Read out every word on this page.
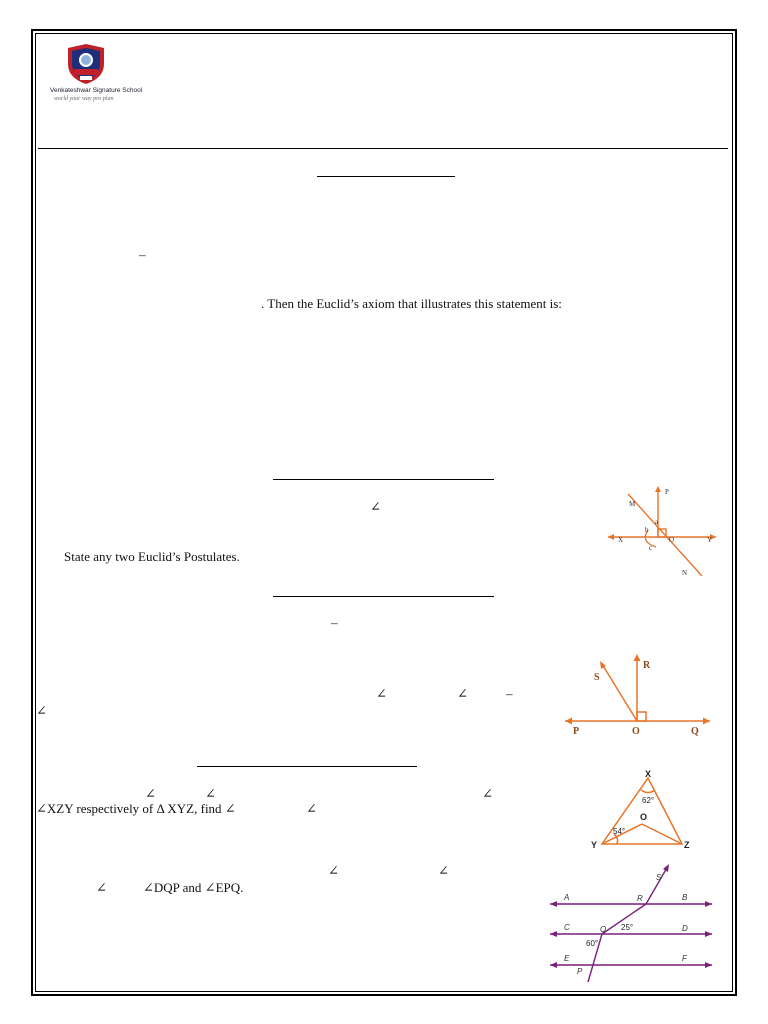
Venkateshwar Signature School
world your way pro plan
–
. Then the Euclid’s axiom that illustrates this statement is:
∠
State any two Euclid’s Postulates.
M
P
X	O	Y
N
a
b
c
–
∠	∠	–
∠
S
R
P	O	Q
∠	∠	∠
∠XZY respectively of Δ XYZ, find ∠	∠
X
Y	Z
O
62°
54°
∠	∠
∠	∠DQP and ∠EPQ.
S
A	R	B
C	Q	D
E	F
P
25°
60°
